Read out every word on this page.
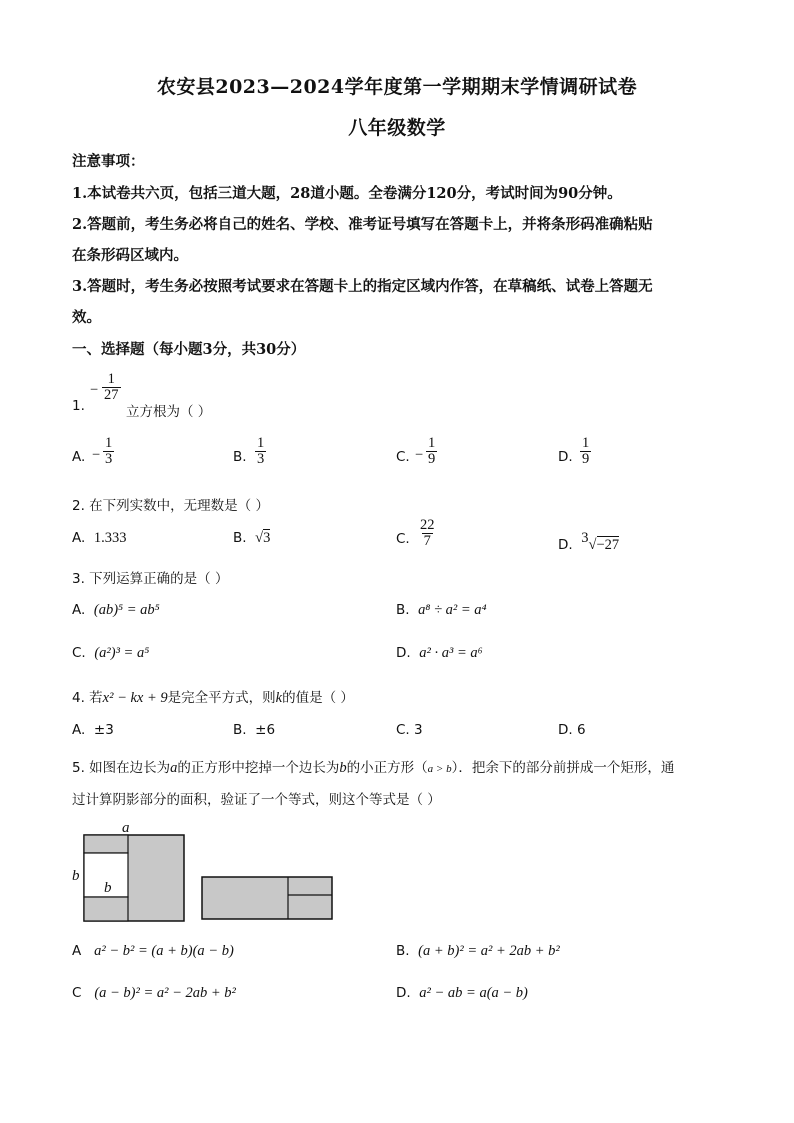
农安县2023—2024学年度第一学期期末学情调研试卷
八年级数学
注意事项：
1.本试卷共六页，包括三道大题，28道小题。全卷满分120分，考试时间为90分钟。
2.答题前，考生务必将自己的姓名、学校、准考证号填写在答题卡上，并将条形码准确粘贴
在条形码区域内。
3.答题时，考生务必按照考试要求在答题卡上的指定区域内作答，在草稿纸、试卷上答题无
效。
一、选择题（每小题3分，共30分）
1.
− $\frac{1}{27}$
立方根为（ ）
A. − $\frac{1}{3}$	B. $\frac{1}{3}$	C. − $\frac{1}{9}$	D. $\frac{1}{9}$
2. 在下列实数中，无理数是（ ）
A. 1.333	B. √3	C. $\frac{22}{7}$	D. $^3$√−27
3. 下列运算正确的是（ ）
A. (ab)⁵ = ab⁵	B. a⁸ ÷ a² = a⁴
C. (a²)³ = a⁵	D. a² · a³ = a⁶
4. 若x² − kx + 9是完全平方式，则k的值是（ ）
A. ±3	B. ±6	C. 3	D. 6
5. 如图在边长为a的正方形中挖掉一个边长为b的小正方形（a > b）．把余下的部分前拼成一个矩形，通
过计算阴影部分的面积，验证了一个等式，则这个等式是（ ）
a
b
b
A a² − b² = (a + b)(a − b)	B. (a + b)² = a² + 2ab + b²
C (a − b)² = a² − 2ab + b²	D. a² − ab = a(a − b)
